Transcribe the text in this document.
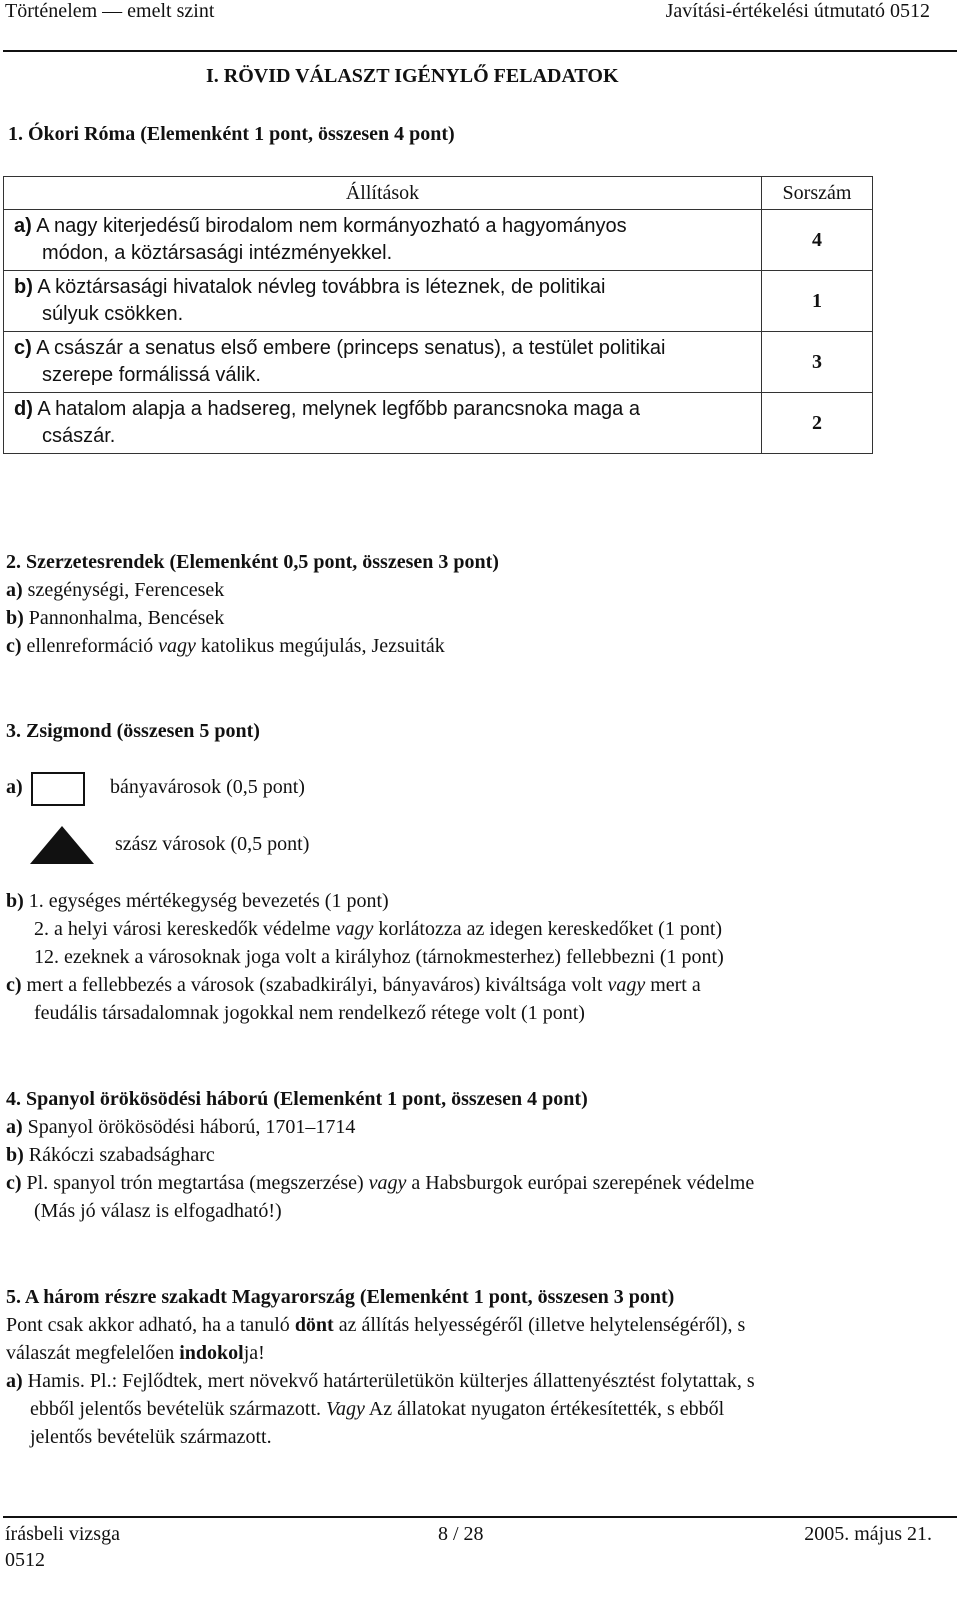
Történelem — emelt szint	Javítási-értékelési útmutató 0512
I. RÖVID VÁLASZT IGÉNYLŐ FELADATOK
1. Ókori Róma (Elemenként 1 pont, összesen 4 pont)
Állítások	Sorszám
a) A nagy kiterjedésű birodalom nem kormányozható a hagyományos
módon, a köztársasági intézményekkel.	4
b) A köztársasági hivatalok névleg továbbra is léteznek, de politikai
súlyuk csökken.	1
c) A császár a senatus első embere (princeps senatus), a testület politikai
szerepe formálissá válik.	3
d) A hatalom alapja a hadsereg, melynek legfőbb parancsnoka maga a
császár.	2
2. Szerzetesrendek (Elemenként 0,5 pont, összesen 3 pont)
a) szegénységi, Ferencesek
b) Pannonhalma, Bencések
c) ellenreformáció vagy katolikus megújulás, Jezsuiták
3. Zsigmond (összesen 5 pont)
a)	bányavárosok (0,5 pont)
szász városok (0,5 pont)
b) 1. egységes mértékegység bevezetés (1 pont)
2. a helyi városi kereskedők védelme vagy korlátozza az idegen kereskedőket (1 pont)
12. ezeknek a városoknak joga volt a királyhoz (tárnokmesterhez) fellebbezni (1 pont)
c) mert a fellebbezés a városok (szabadkirályi, bányaváros) kiváltsága volt vagy mert a
feudális társadalomnak jogokkal nem rendelkező rétege volt (1 pont)
4. Spanyol örökösödési háború (Elemenként 1 pont, összesen 4 pont)
a) Spanyol örökösödési háború, 1701–1714
b) Rákóczi szabadságharc
c) Pl. spanyol trón megtartása (megszerzése) vagy a Habsburgok európai szerepének védelme
(Más jó válasz is elfogadható!)
5. A három részre szakadt Magyarország (Elemenként 1 pont, összesen 3 pont)
Pont csak akkor adható, ha a tanuló dönt az állítás helyességéről (illetve helytelenségéről), s
válaszát megfelelően indokolja!
a) Hamis. Pl.: Fejlődtek, mert növekvő határterületükön külterjes állattenyésztést folytattak, s
ebből jelentős bevételük származott. Vagy Az állatokat nyugaton értékesítették, s ebből
jelentős bevételük származott.
írásbeli vizsga
0512
8 / 28	2005. május 21.
